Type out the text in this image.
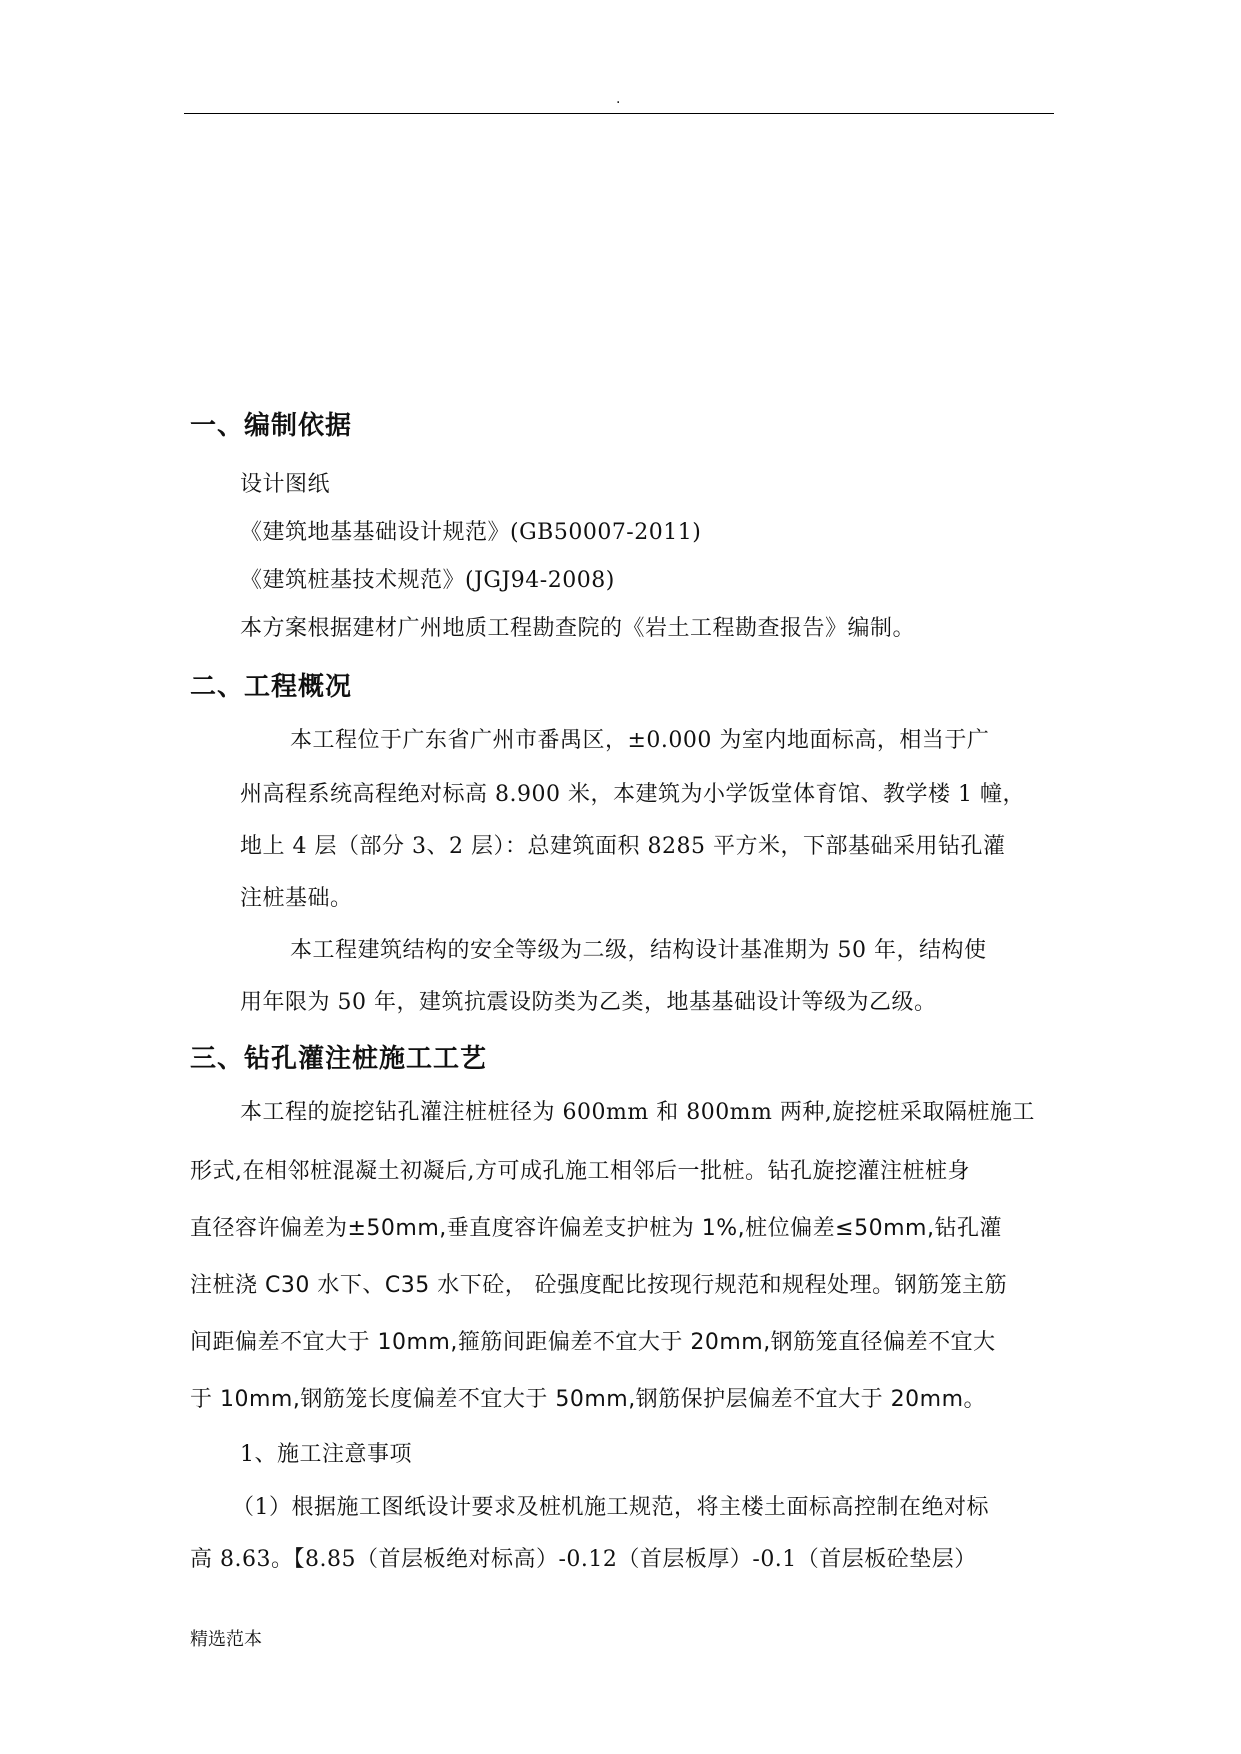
.
一、编制依据
设计图纸
《建筑地基基础设计规范》(GB50007-2011)
《建筑桩基技术规范》(JGJ94-2008)
本方案根据建材广州地质工程勘查院的《岩土工程勘查报告》编制。
二、工程概况
本工程位于广东省广州市番禺区，±0.000 为室内地面标高，相当于广
州高程系统高程绝对标高 8.900 米，本建筑为小学饭堂体育馆、教学楼 1 幢，
地上 4 层（部分 3、2 层）：总建筑面积 8285 平方米，下部基础采用钻孔灌
注桩基础。
本工程建筑结构的安全等级为二级，结构设计基准期为 50 年，结构使
用年限为 50 年，建筑抗震设防类为乙类，地基基础设计等级为乙级。
三、钻孔灌注桩施工工艺
本工程的旋挖钻孔灌注桩桩径为 600mm 和 800mm 两种,旋挖桩采取隔桩施工
形式,在相邻桩混凝土初凝后,方可成孔施工相邻后一批桩。钻孔旋挖灌注桩桩身
直径容许偏差为±50mm,垂直度容许偏差支护桩为 1%,桩位偏差≤50mm,钻孔灌
注桩浇 C30 水下、C35 水下砼， 砼强度配比按现行规范和规程处理。钢筋笼主筋
间距偏差不宜大于 10mm,箍筋间距偏差不宜大于 20mm,钢筋笼直径偏差不宜大
于 10mm,钢筋笼长度偏差不宜大于 50mm,钢筋保护层偏差不宜大于 20mm。
1、施工注意事项
（1）根据施工图纸设计要求及桩机施工规范，将主楼土面标高控制在绝对标
高 8.63。【8.85（首层板绝对标高）-0.12（首层板厚）-0.1（首层板砼垫层）
精选范本
